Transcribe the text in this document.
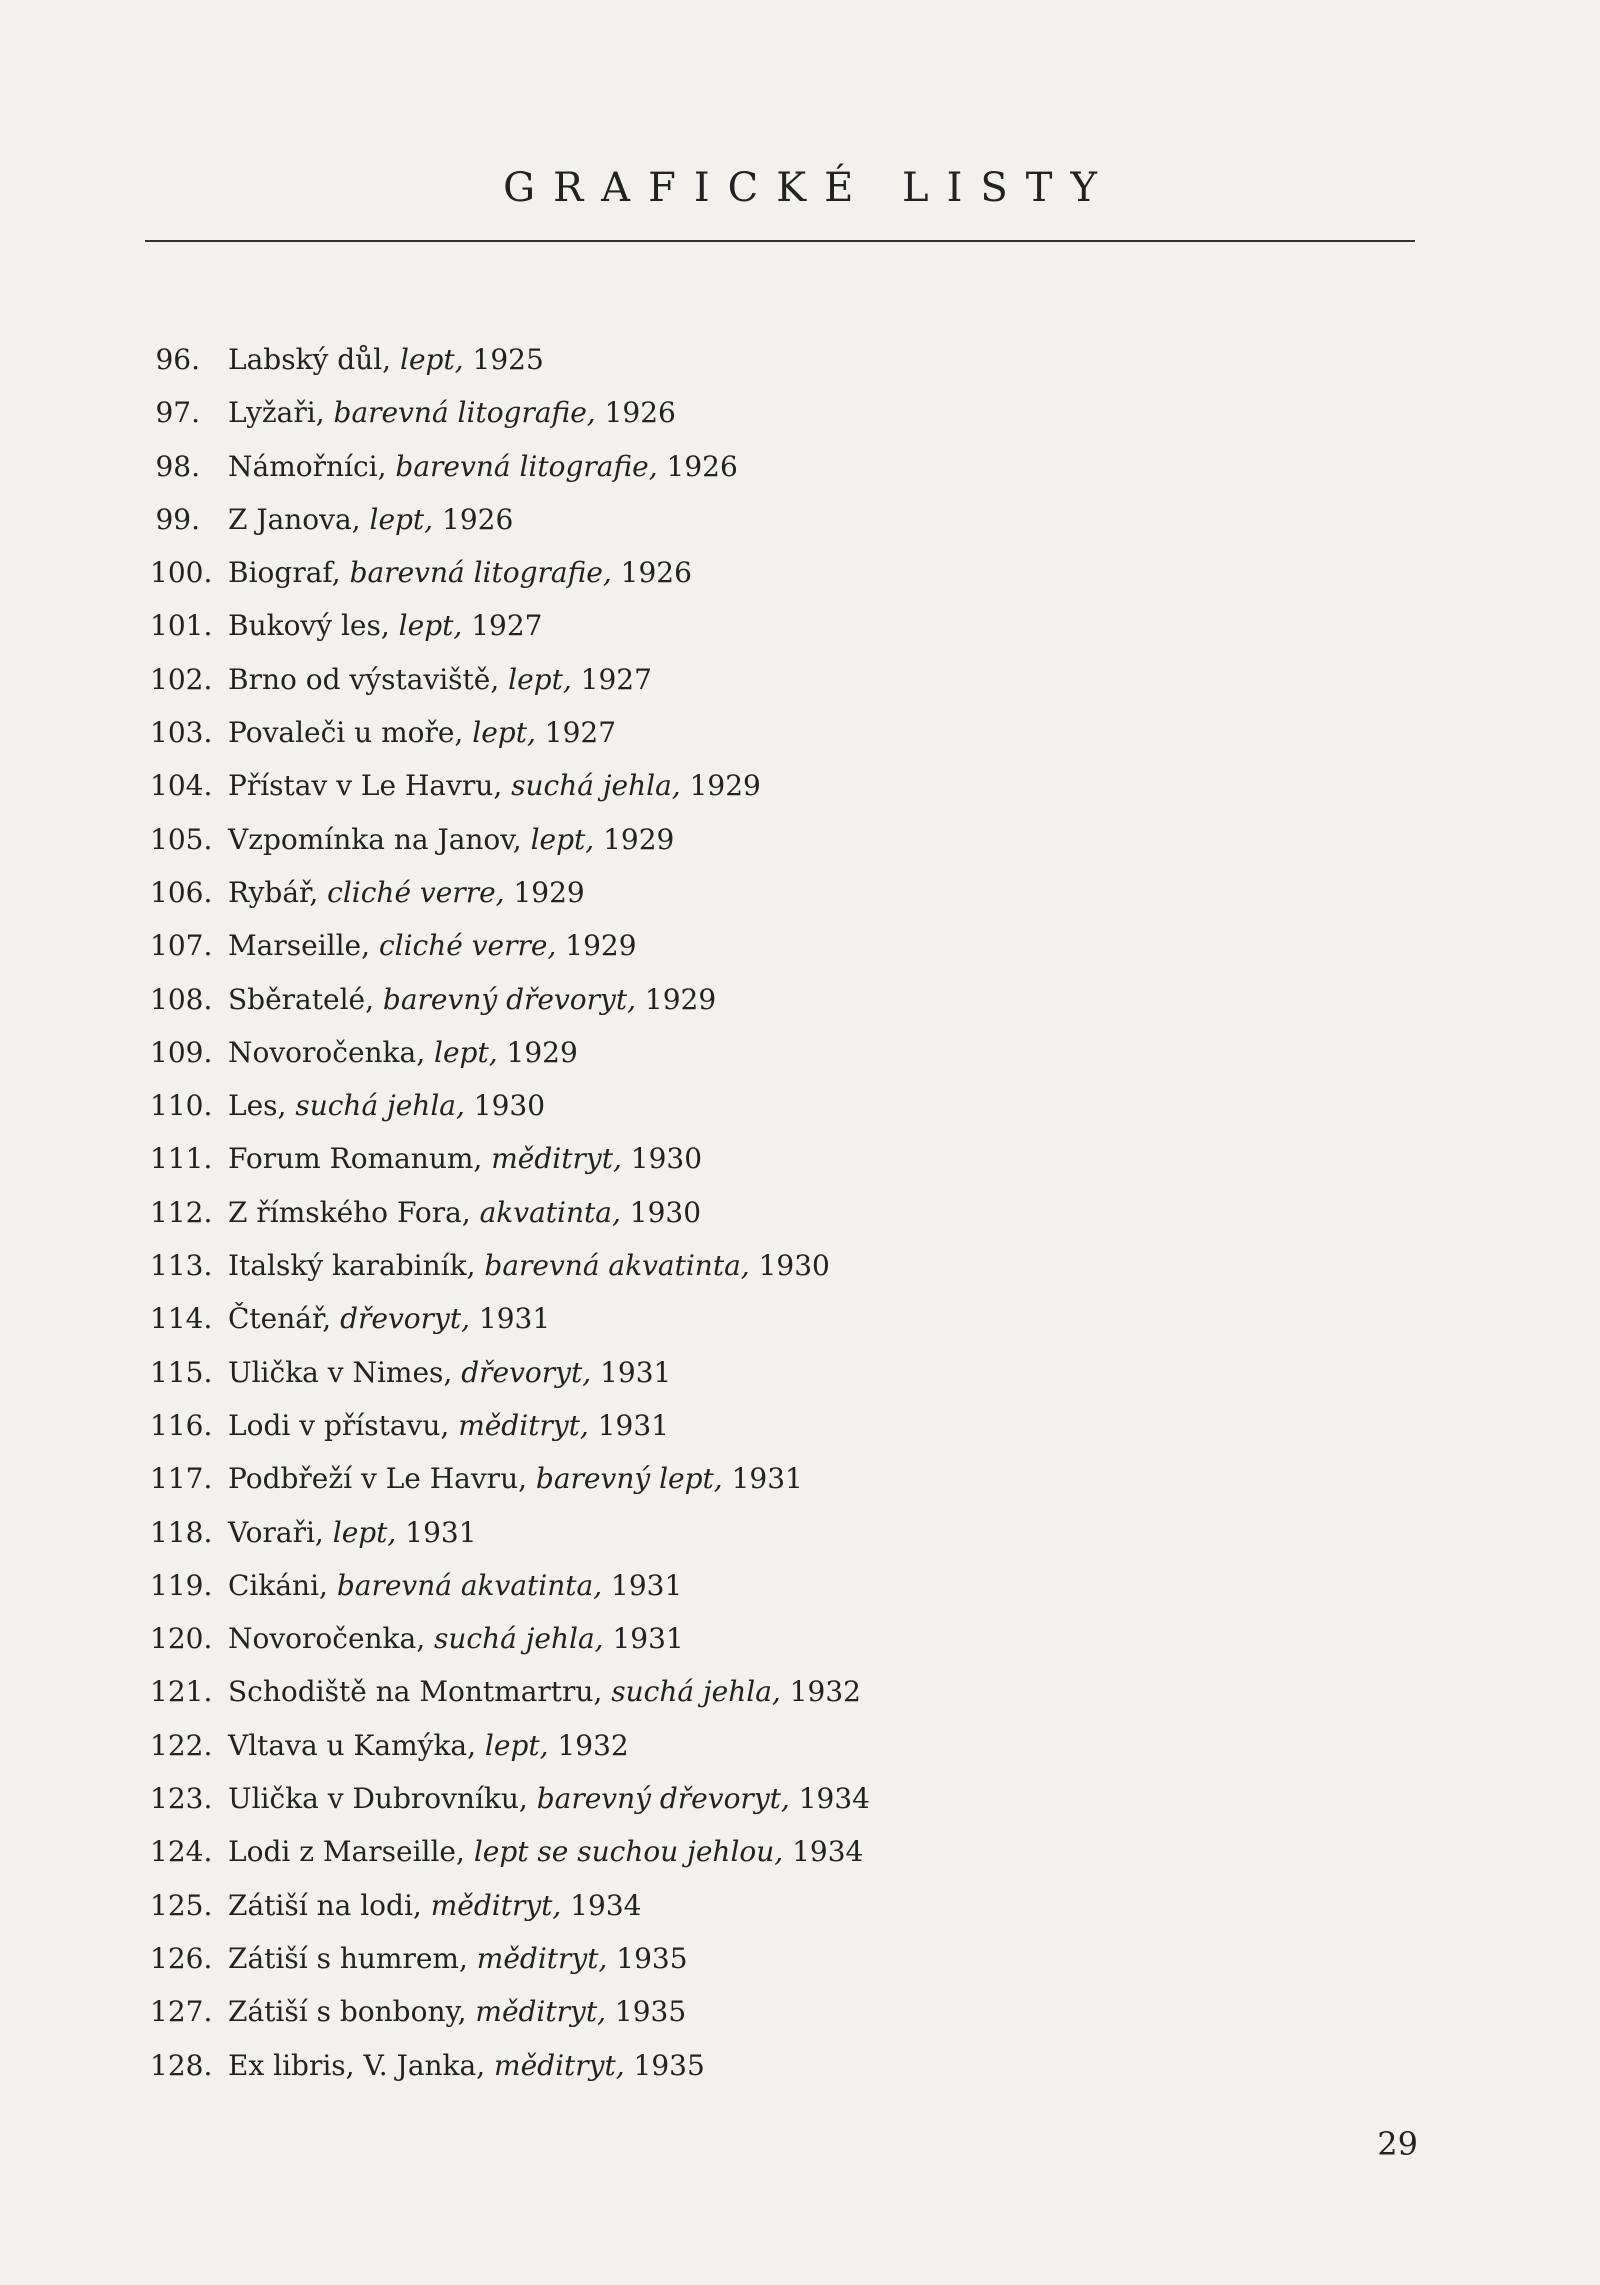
GRAFICKÉ LISTY
96. Labský důl, lept, 1925
97. Lyžaři, barevná litografie, 1926
98. Námořníci, barevná litografie, 1926
99. Z Janova, lept, 1926
100. Biograf, barevná litografie, 1926
101. Bukový les, lept, 1927
102. Brno od výstaviště, lept, 1927
103. Povaleči u moře, lept, 1927
104. Přístav v Le Havru, suchá jehla, 1929
105. Vzpomínka na Janov, lept, 1929
106. Rybář, cliché verre, 1929
107. Marseille, cliché verre, 1929
108. Sběratelé, barevný dřevoryt, 1929
109. Novoročenka, lept, 1929
110. Les, suchá jehla, 1930
111. Forum Romanum, měditryt, 1930
112. Z římského Fora, akvatinta, 1930
113. Italský karabiník, barevná akvatinta, 1930
114. Čtenář, dřevoryt, 1931
115. Ulička v Nimes, dřevoryt, 1931
116. Lodi v přístavu, měditryt, 1931
117. Podbřeží v Le Havru, barevný lept, 1931
118. Voraři, lept, 1931
119. Cikáni, barevná akvatinta, 1931
120. Novoročenka, suchá jehla, 1931
121. Schodiště na Montmartru, suchá jehla, 1932
122. Vltava u Kamýka, lept, 1932
123. Ulička v Dubrovníku, barevný dřevoryt, 1934
124. Lodi z Marseille, lept se suchou jehlou, 1934
125. Zátiší na lodi, měditryt, 1934
126. Zátiší s humrem, měditryt, 1935
127. Zátiší s bonbony, měditryt, 1935
128. Ex libris, V. Janka, měditryt, 1935
29
